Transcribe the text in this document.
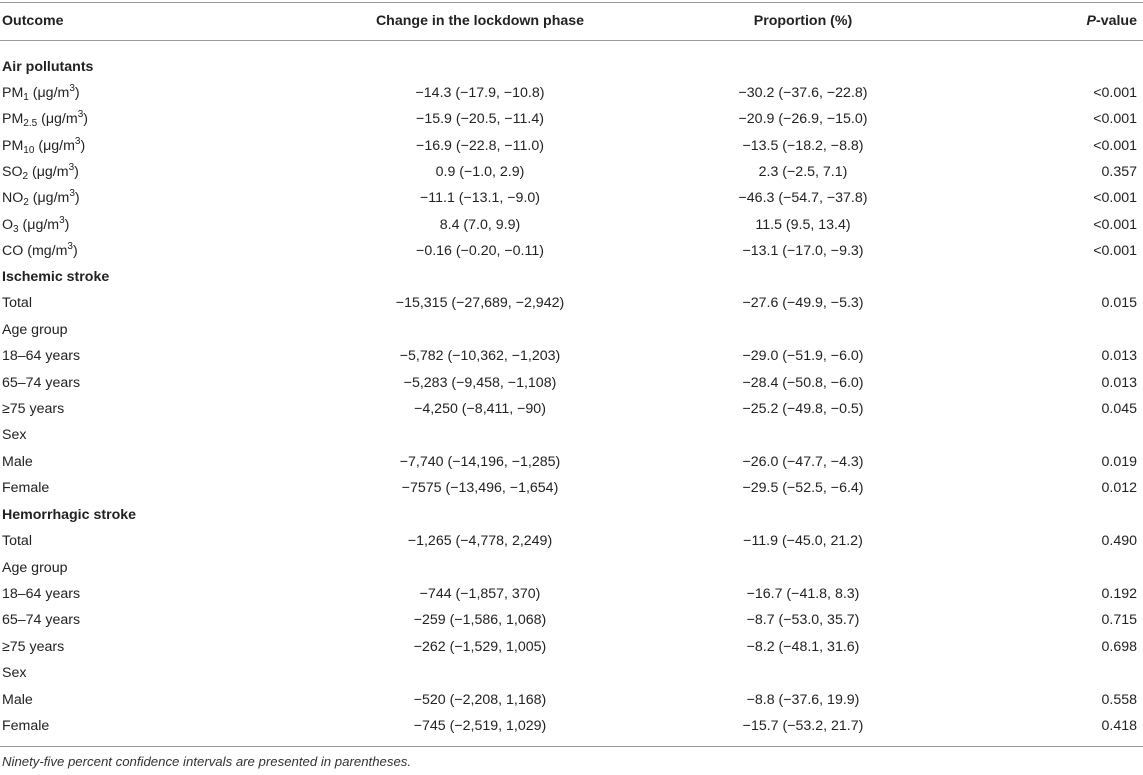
Outcome	Change in the lockdown phase	Proportion (%)	P-value
Air pollutants
$PM_1$ $(\mu g/m^3)$	−14.3 (−17.9, −10.8)	−30.2 (−37.6, −22.8)	<0.001
$PM_{2.5}$ $(\mu g/m^3)$	−15.9 (−20.5, −11.4)	−20.9 (−26.9, −15.0)	<0.001
$PM_{10}$ $(\mu g/m^3)$	−16.9 (−22.8, −11.0)	−13.5 (−18.2, −8.8)	<0.001
$SO_2$ $(\mu g/m^3)$	0.9 (−1.0, 2.9)	2.3 (−2.5, 7.1)	0.357
$NO_2$ $(\mu g/m^3)$	−11.1 (−13.1, −9.0)	−46.3 (−54.7, −37.8)	<0.001
$O_3$ $(\mu g/m^3)$	8.4 (7.0, 9.9)	11.5 (9.5, 13.4)	<0.001
CO $(mg/m^3)$	−0.16 (−0.20, −0.11)	−13.1 (−17.0, −9.3)	<0.001
Ischemic stroke
Total	−15,315 (−27,689, −2,942)	−27.6 (−49.9, −5.3)	0.015
Age group
18–64 years	−5,782 (−10,362, −1,203)	−29.0 (−51.9, −6.0)	0.013
65–74 years	−5,283 (−9,458, −1,108)	−28.4 (−50.8, −6.0)	0.013
≥75 years	−4,250 (−8,411, −90)	−25.2 (−49.8, −0.5)	0.045
Sex
Male	−7,740 (−14,196, −1,285)	−26.0 (−47.7, −4.3)	0.019
Female	−7575 (−13,496, −1,654)	−29.5 (−52.5, −6.4)	0.012
Hemorrhagic stroke
Total	−1,265 (−4,778, 2,249)	−11.9 (−45.0, 21.2)	0.490
Age group
18–64 years	−744 (−1,857, 370)	−16.7 (−41.8, 8.3)	0.192
65–74 years	−259 (−1,586, 1,068)	−8.7 (−53.0, 35.7)	0.715
≥75 years	−262 (−1,529, 1,005)	−8.2 (−48.1, 31.6)	0.698
Sex
Male	−520 (−2,208, 1,168)	−8.8 (−37.6, 19.9)	0.558
Female	−745 (−2,519, 1,029)	−15.7 (−53.2, 21.7)	0.418
Ninety-five percent confidence intervals are presented in parentheses.
